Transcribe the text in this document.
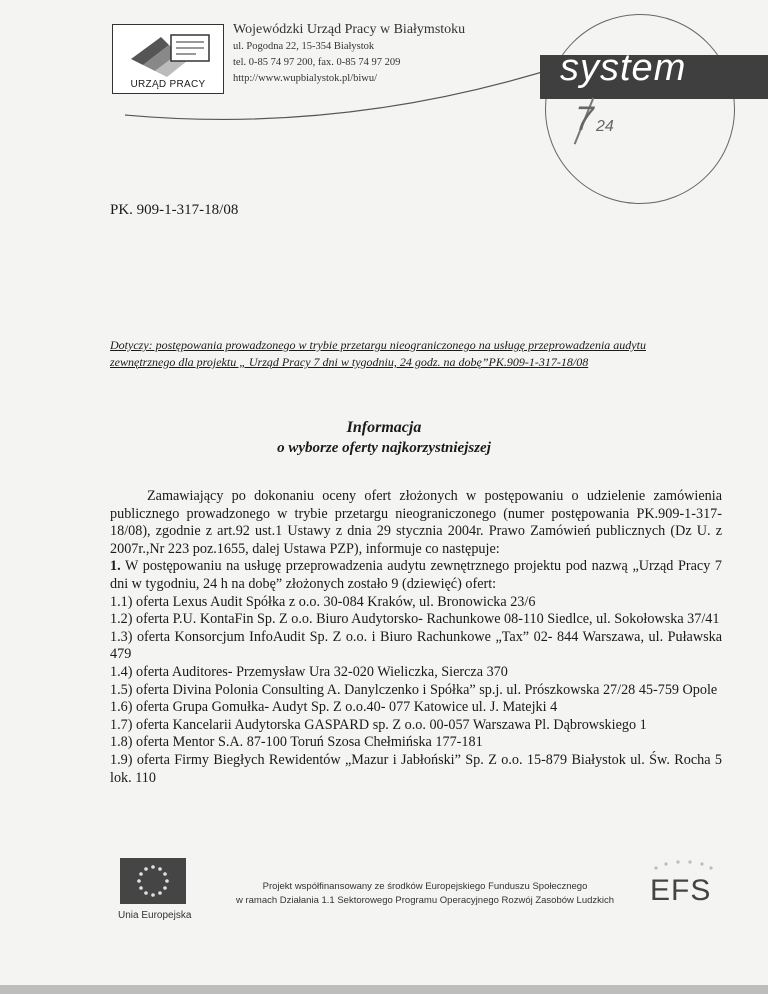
URZĄD PRACY
Wojewódzki Urząd Pracy w Białymstoku
ul. Pogodna 22, 15-354 Białystok
tel. 0-85 74 97 200, fax. 0-85 74 97 209
http://www.wupbialystok.pl/biwu/	system
7 24
PK. 909-1-317-18/08
Dotyczy: postępowania prowadzonego w trybie przetargu nieograniczonego na usługę przeprowadzenia audytu zewnętrznego dla projektu „ Urząd Pracy 7 dni w tygodniu, 24 godz. na dobę”PK.909-1-317-18/08
Informacja
o wyborze oferty najkorzystniejszej

Zamawiający po dokonaniu oceny ofert złożonych w postępowaniu o udzielenie zamówienia publicznego prowadzonego w trybie przetargu nieograniczonego (numer postępowania PK.909-1-317-18/08), zgodnie z art.92 ust.1 Ustawy z dnia 29 stycznia 2004r. Prawo Zamówień publicznych (Dz U. z 2007r.,Nr 223 poz.1655, dalej Ustawa PZP), informuje co następuje:

1. W postępowaniu na usługę przeprowadzenia audytu zewnętrznego projektu pod nazwą „Urząd Pracy 7 dni w tygodniu, 24 h na dobę” złożonych zostało 9 (dziewięć) ofert:

1.1) oferta Lexus Audit Spółka z o.o. 30-084 Kraków, ul. Bronowicka 23/6

1.2) oferta P.U. KontaFin Sp. Z o.o. Biuro Audytorsko- Rachunkowe 08-110 Siedlce, ul. Sokołowska 37/41

1.3) oferta Konsorcjum InfoAudit Sp. Z o.o. i Biuro Rachunkowe „Tax” 02- 844 Warszawa, ul. Puławska 479

1.4) oferta Auditores- Przemysław Ura 32-020 Wieliczka, Siercza 370

1.5) oferta Divina Polonia Consulting A. Danylczenko i Spółka” sp.j. ul. Prószkowska 27/28 45-759 Opole

1.6) oferta Grupa Gomułka- Audyt Sp. Z o.o.40- 077 Katowice ul. J. Matejki 4

1.7) oferta Kancelarii Audytorska GASPARD sp. Z o.o. 00-057 Warszawa Pl. Dąbrowskiego 1

1.8) oferta Mentor S.A. 87-100 Toruń Szosa Chełmińska 177-181

1.9) oferta Firmy Biegłych Rewidentów „Mazur i Jabłoński” Sp. Z o.o. 15-879 Białystok ul. Św. Rocha 5 lok. 110

Unia Europejska
Projekt współfinansowany ze środków Europejskiego Funduszu Społecznego
w ramach Działania 1.1 Sektorowego Programu Operacyjnego Rozwój Zasobów Ludzkich	EFS
